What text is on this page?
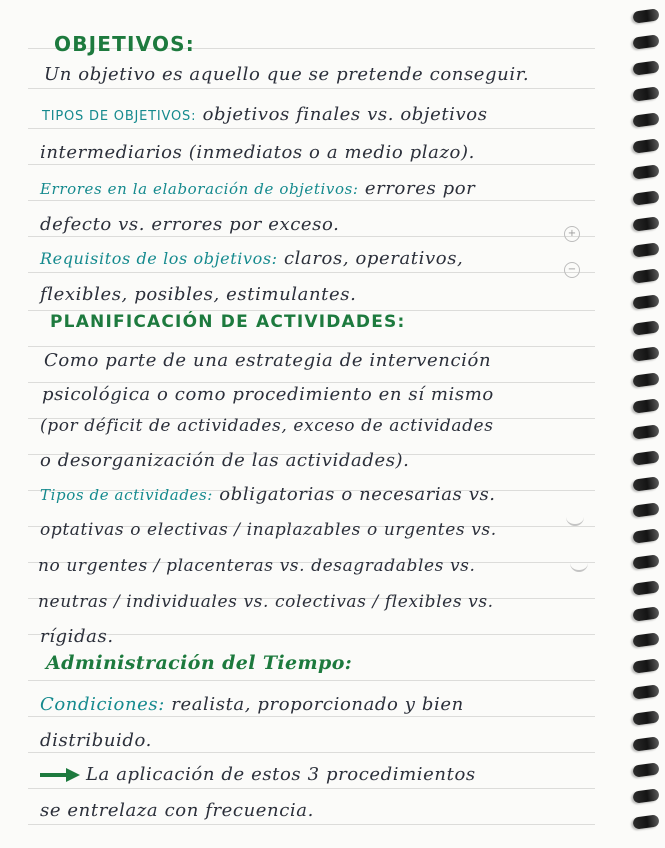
+
−
OBJETIVOS:
Un objetivo es aquello que se pretende conseguir.
TIPOS DE OBJETIVOS: objetivos finales vs. objetivos
intermediarios (inmediatos o a medio plazo).
Errores en la elaboración de objetivos: errores por
defecto vs. errores por exceso.
Requisitos de los objetivos: claros, operativos,
flexibles, posibles, estimulantes.
PLANIFICACIÓN DE ACTIVIDADES:
Como parte de una estrategia de intervención
psicológica o como procedimiento en sí mismo
(por déficit de actividades, exceso de actividades
o desorganización de las actividades).
Tipos de actividades: obligatorias o necesarias vs.
optativas o electivas / inaplazables o urgentes vs.
no urgentes / placenteras vs. desagradables vs.
neutras / individuales vs. colectivas / flexibles vs.
rígidas.
Administración del Tiempo:
Condiciones: realista, proporcionado y bien
distribuido.
La aplicación de estos 3 procedimientos
se entrelaza con frecuencia.
